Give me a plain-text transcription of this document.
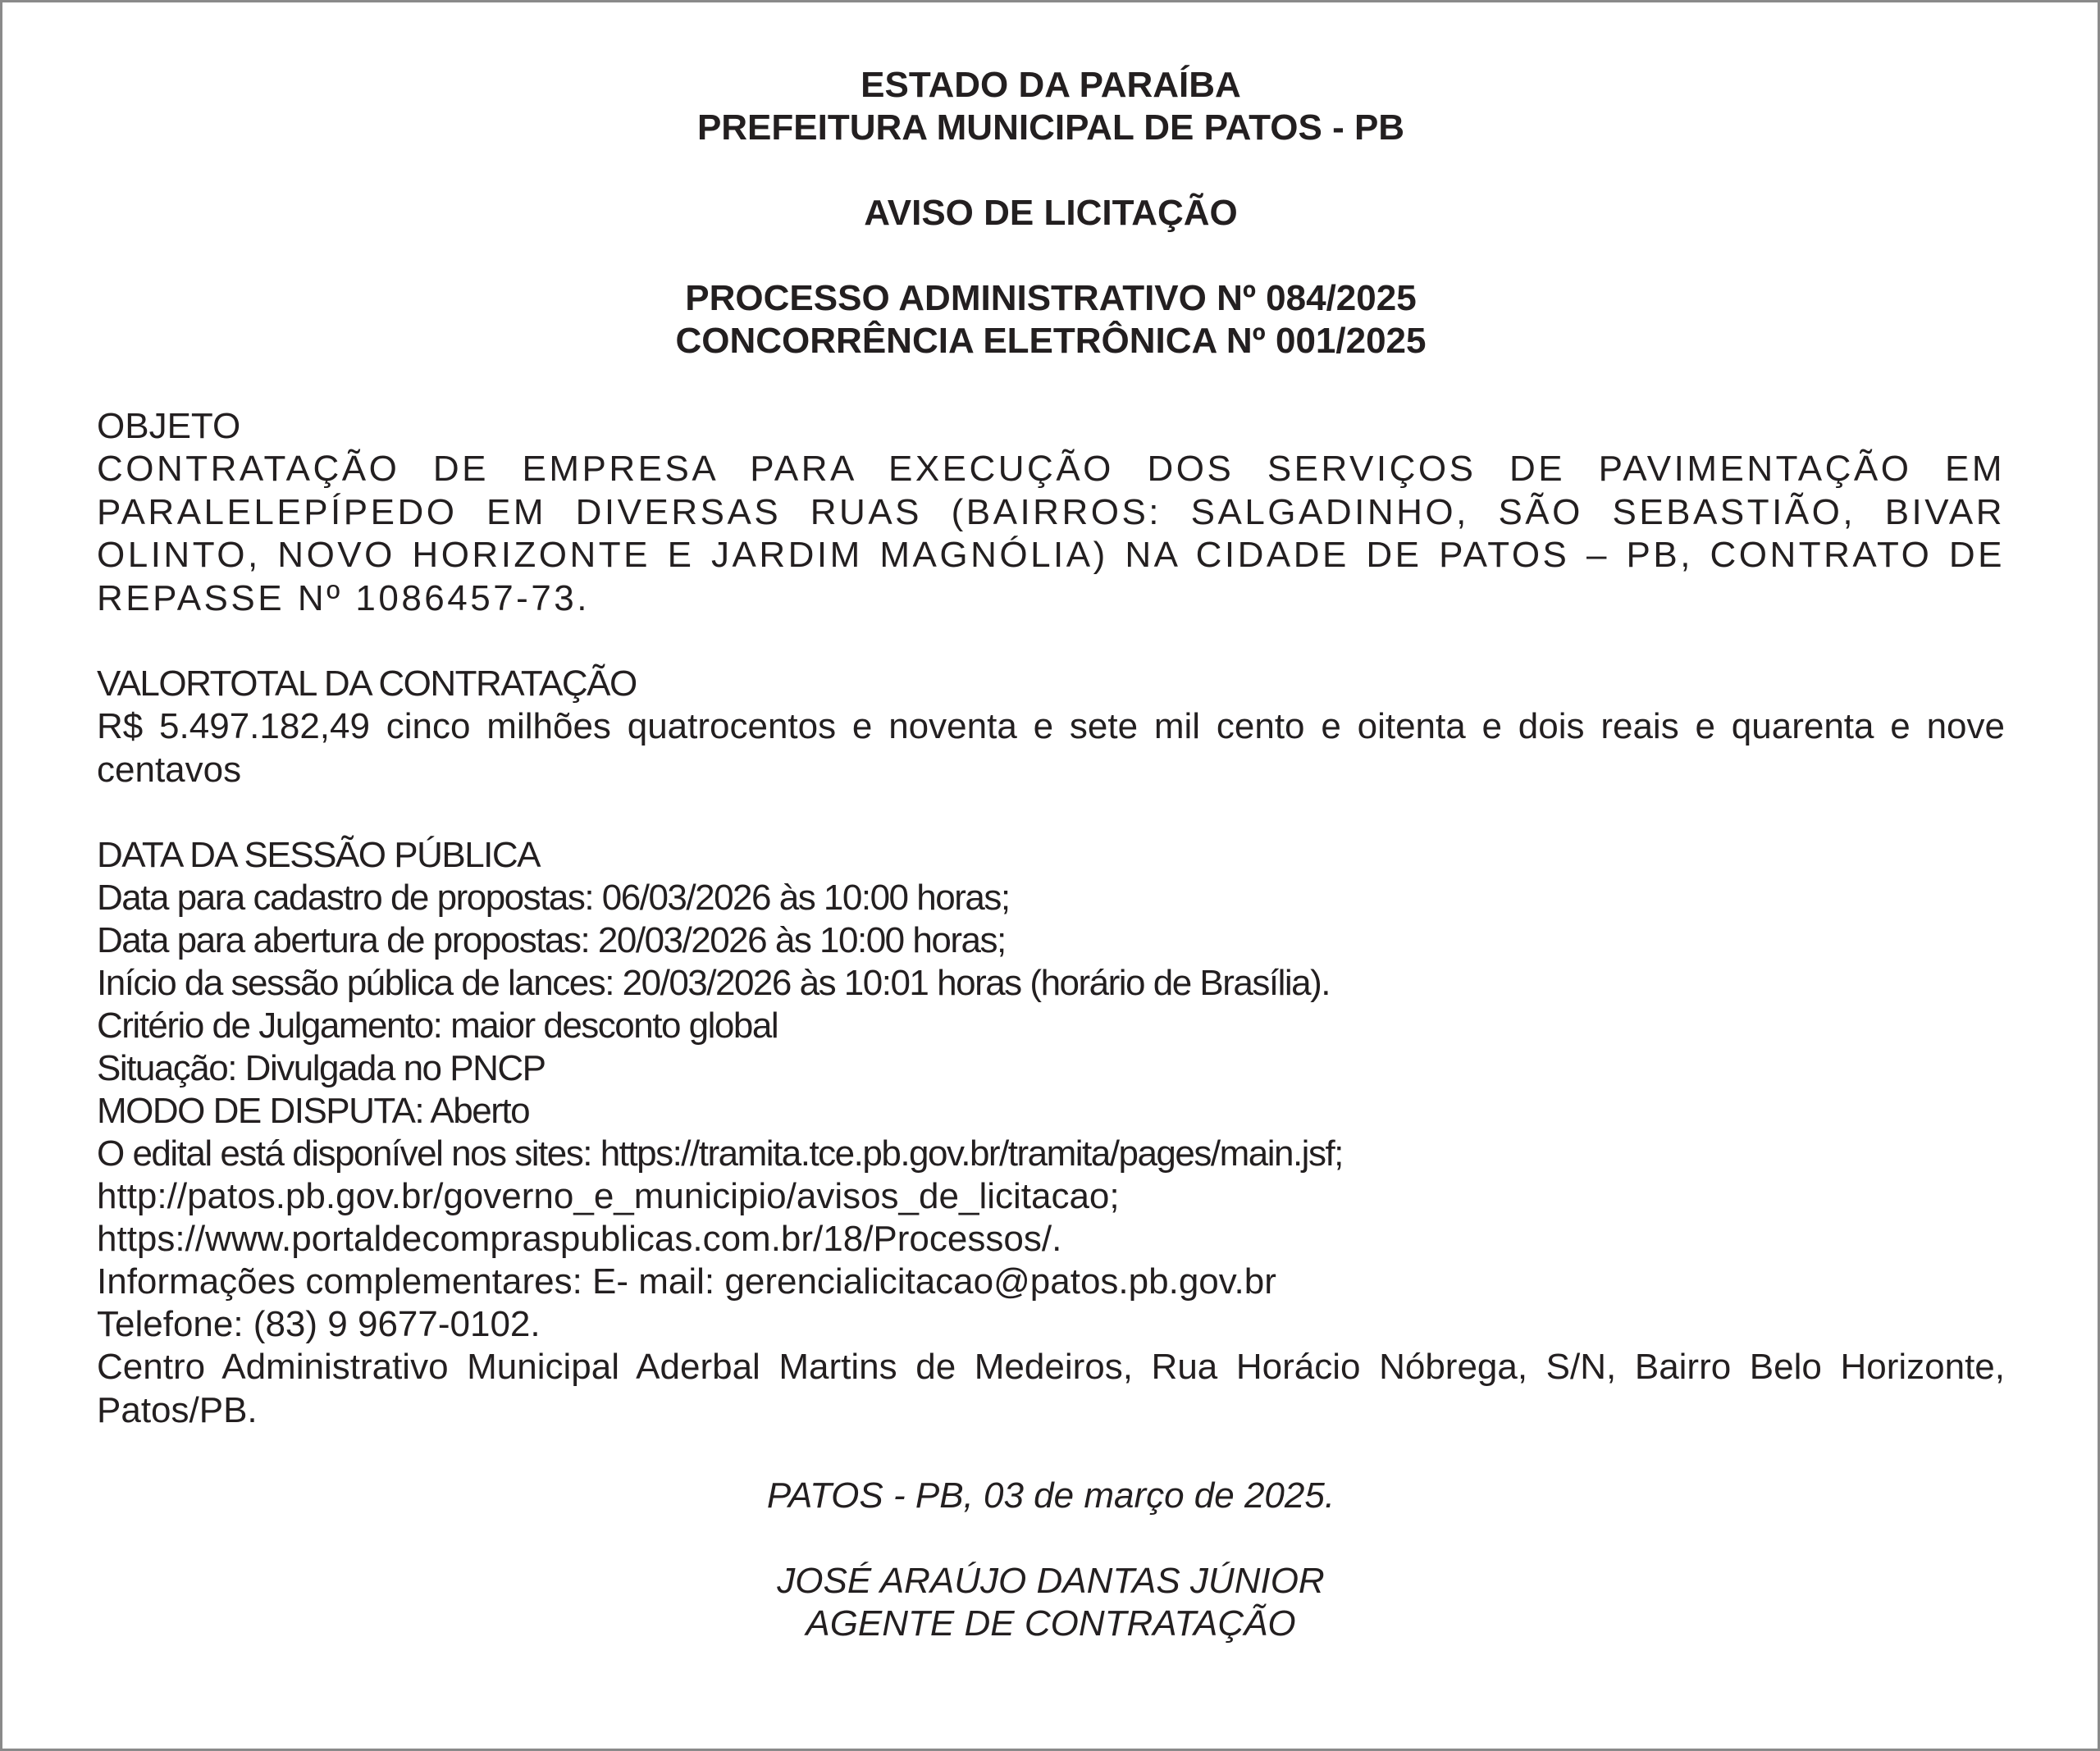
ESTADO DA PARAÍBA
PREFEITURA MUNICIPAL DE PATOS - PB
AVISO DE LICITAÇÃO
PROCESSO ADMINISTRATIVO Nº 084/2025
CONCORRÊNCIA ELETRÔNICA Nº 001/2025
OBJETO

CONTRATAÇÃO DE EMPRESA PARA EXECUÇÃO DOS SERVIÇOS DE PAVIMENTAÇÃO EM PARALELEPÍPEDO EM DIVERSAS RUAS (BAIRROS: SALGADINHO, SÃO SEBASTIÃO, BIVAR OLINTO, NOVO HORIZONTE E JARDIM MAGNÓLIA) NA CIDADE DE PATOS – PB, CONTRATO DE REPASSE Nº 1086457-73.

VALORTOTAL DA CONTRATAÇÃO

R$ 5.497.182,49 cinco milhões quatrocentos e noventa e sete mil cento e oitenta e dois reais e quarenta e nove centavos

DATA DA SESSÃO PÚBLICA
Data para cadastro de propostas: 06/03/2026 às 10:00 horas;
Data para abertura de propostas: 20/03/2026 às 10:00 horas;
Início da sessão pública de lances: 20/03/2026 às 10:01 horas (horário de Brasília).
Critério de Julgamento: maior desconto global
Situação: Divulgada no PNCP
MODO DE DISPUTA: Aberto
O edital está disponível nos sites: https://tramita.tce.pb.gov.br/tramita/pages/main.jsf;
http://patos.pb.gov.br/governo_e_municipio/avisos_de_licitacao;
https://www.portaldecompraspublicas.com.br/18/Processos/.
Informações complementares: E- mail: gerencialicitacao@patos.pb.gov.br
Telefone: (83) 9 9677-0102.

Centro Administrativo Municipal Aderbal Martins de Medeiros, Rua Horácio Nóbrega, S/N, Bairro Belo Horizonte, Patos/PB.

PATOS - PB, 03 de março de 2025.
JOSÉ ARAÚJO DANTAS JÚNIOR
AGENTE DE CONTRATAÇÃO
